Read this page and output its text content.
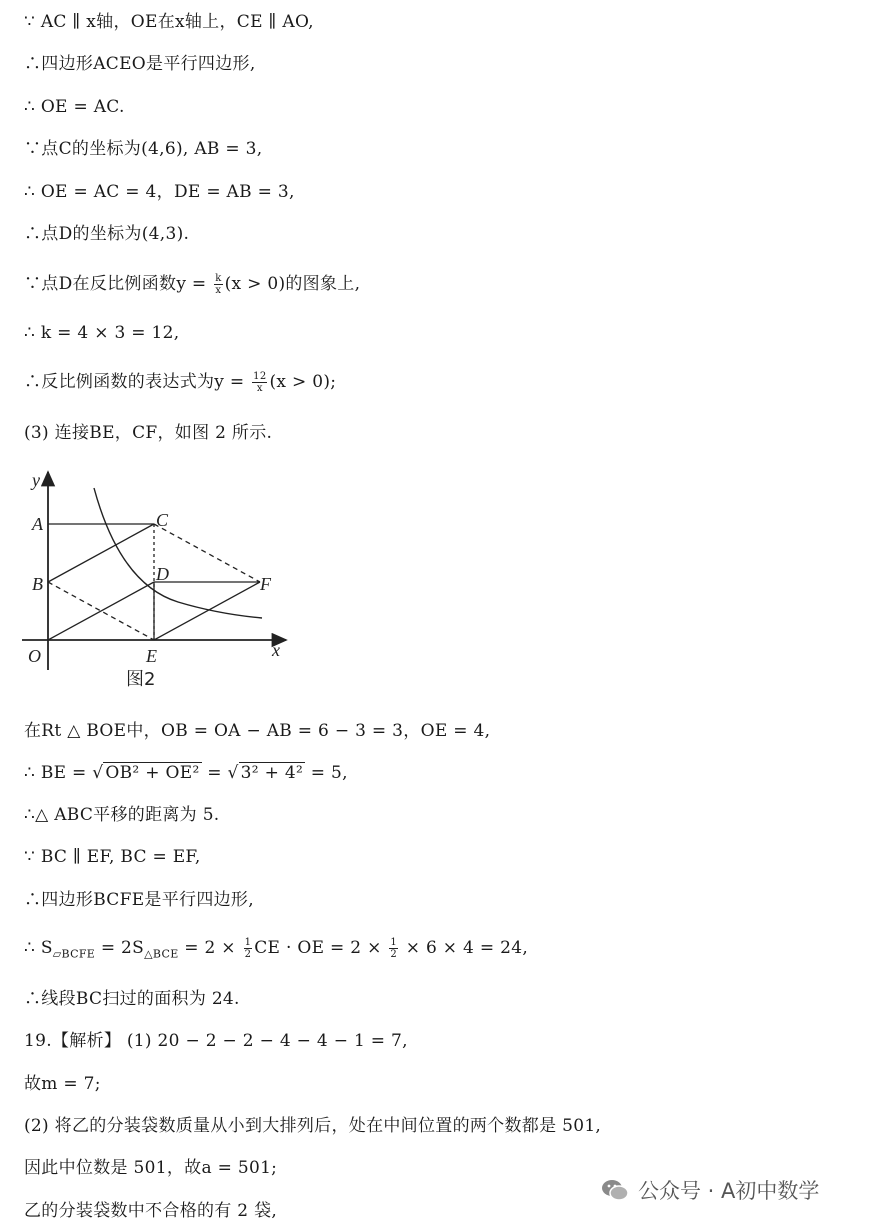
∵ AC ∥ x轴，OE在x轴上，CE ∥ AO,
∴四边形ACEO是平行四边形,
∴ OE = AC.
∵点C的坐标为(4,6), AB = 3,
∴ OE = AC = 4，DE = AB = 3,
∴点D的坐标为(4,3).
∵点D在反比例函数$y = \frac{k}{x} (x > 0)$的图象上,
∴ k = 4 × 3 = 12,
∴反比例函数的表达式为$y = \frac{12}{x} (x > 0)$;
(3) 连接BE，CF，如图 2 所示.
y
x
O
A
B
C
D
E
F
图2
在Rt △ BOE中，OB = OA − AB = 6 − 3 = 3，OE = 4,
∴ BE = √ OB² + OE² = √ 3² + 4² = 5,
∴△ ABC平移的距离为 5.
∵ BC ∥ EF, BC = EF,
∴四边形BCFE是平行四边形,
∴ $S_{▱BCFE} = 2S_{\triangle BCE} = 2 \times \frac{1}{2}$ CE · OE = $2 \times \frac{1}{2} \times 6 \times 4 = 24$,
∴线段BC扫过的面积为 24.
19.【解析】 (1) 20 − 2 − 2 − 4 − 4 − 1 = 7,
故m = 7;
(2) 将乙的分装袋数质量从小到大排列后，处在中间位置的两个数都是 501,
因此中位数是 501，故a = 501;
乙的分装袋数中不合格的有 2 袋,
公众号 · A初中数学
